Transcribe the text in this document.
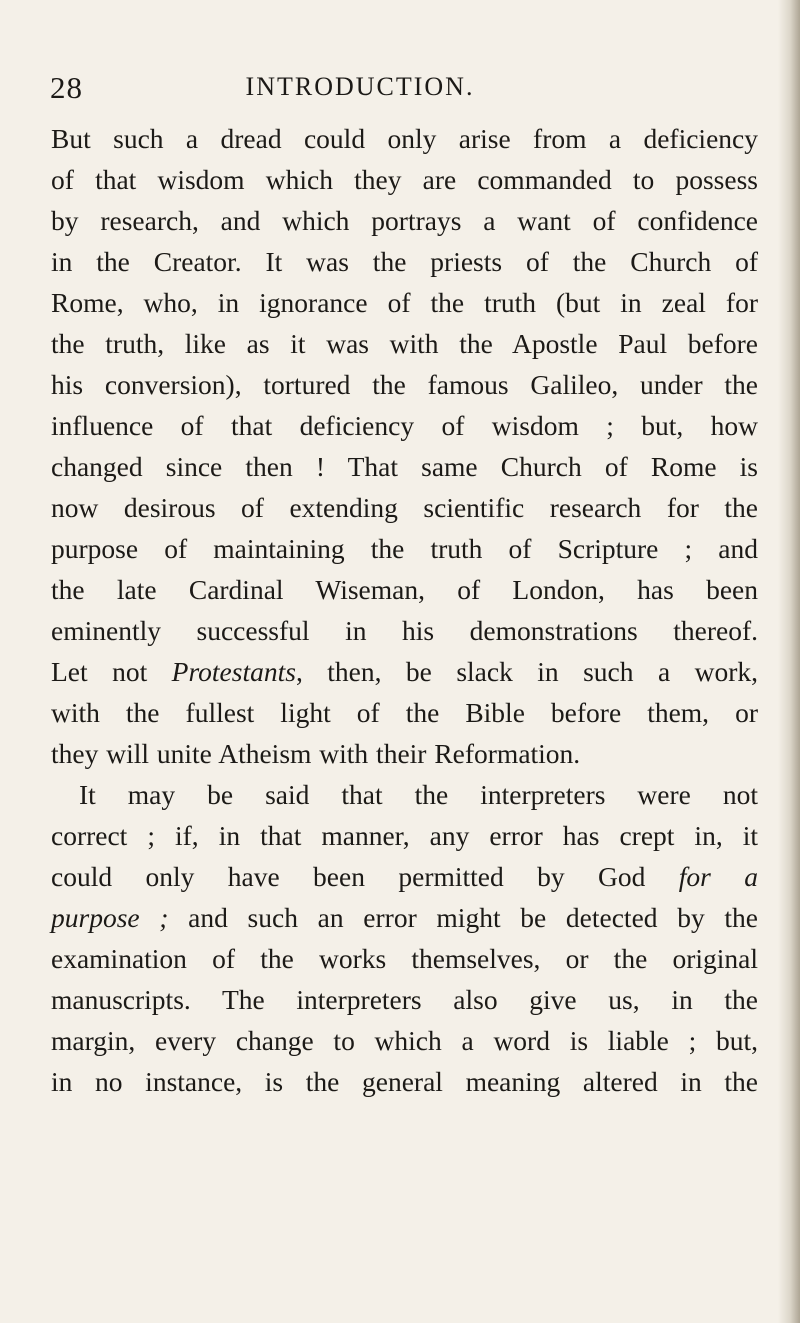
28	INTRODUCTION.
But such a dread could only arise from a deficiency
of that wisdom which they are commanded to possess
by research, and which portrays a want of confidence
in the Creator. It was the priests of the Church of
Rome, who, in ignorance of the truth (but in zeal for
the truth, like as it was with the Apostle Paul before
his conversion), tortured the famous Galileo, under the
influence of that deficiency of wisdom ; but, how
changed since then ! That same Church of Rome is
now desirous of extending scientific research for the
purpose of maintaining the truth of Scripture ; and
the late Cardinal Wiseman, of London, has been
eminently successful in his demonstrations thereof.
Let not Protestants, then, be slack in such a work,
with the fullest light of the Bible before them, or
they will unite Atheism with their Reformation.
It may be said that the interpreters were not
correct ; if, in that manner, any error has crept in, it
could only have been permitted by God for a
purpose ; and such an error might be detected by the
examination of the works themselves, or the original
manuscripts. The interpreters also give us, in the
margin, every change to which a word is liable ; but,
in no instance, is the general meaning altered in the
